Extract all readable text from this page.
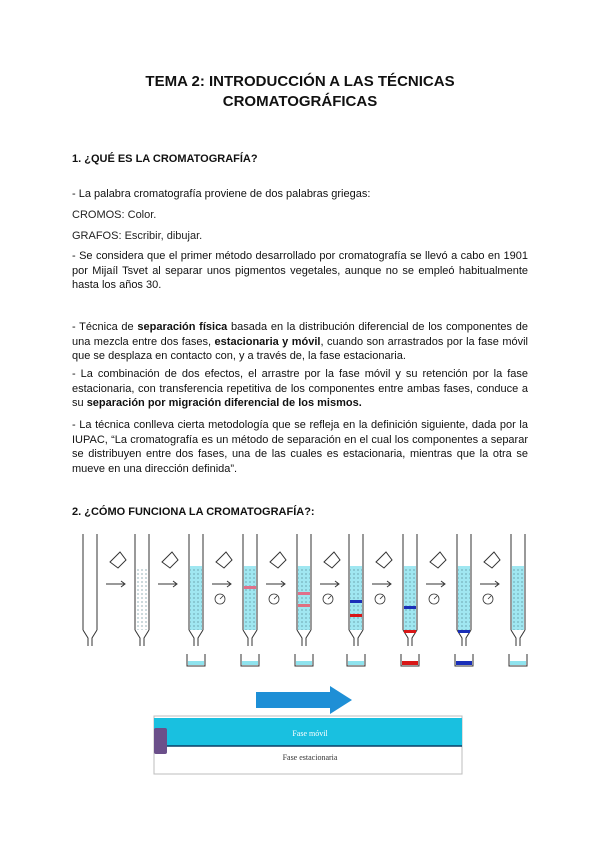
TEMA 2: INTRODUCCIÓN A LAS TÉCNICAS
CROMATOGRÁFICAS
1. ¿QUÉ ES LA CROMATOGRAFÍA?

- La palabra cromatografía proviene de dos palabras griegas:

CROMOS: Color.

GRAFOS: Escribir, dibujar.

- Se considera que el primer método desarrollado por cromatografía se llevó a cabo en 1901 por Mijaíl Tsvet al separar unos pigmentos vegetales, aunque no se empleó habitualmente hasta los años 30.

- Técnica de separación física basada en la distribución diferencial de los componentes de una mezcla entre dos fases, estacionaria y móvil, cuando son arrastrados por la fase móvil que se desplaza en contacto con, y a través de, la fase estacionaria.

- La combinación de dos efectos, el arrastre por la fase móvil y su retención por la fase estacionaria, con transferencia repetitiva de los componentes entre ambas fases, conduce a su separación por migración diferencial de los mismos.

- La técnica conlleva cierta metodología que se refleja en la definición siguiente, dada por la IUPAC, “La cromatografía es un método de separación en el cual los componentes a separar se distribuyen entre dos fases, una de las cuales es estacionaria, mientras que la otra se mueve en una dirección definida”.

2. ¿CÓMO FUNCIONA LA CROMATOGRAFÍA?:
Fase móvil
Fase estacionaria
